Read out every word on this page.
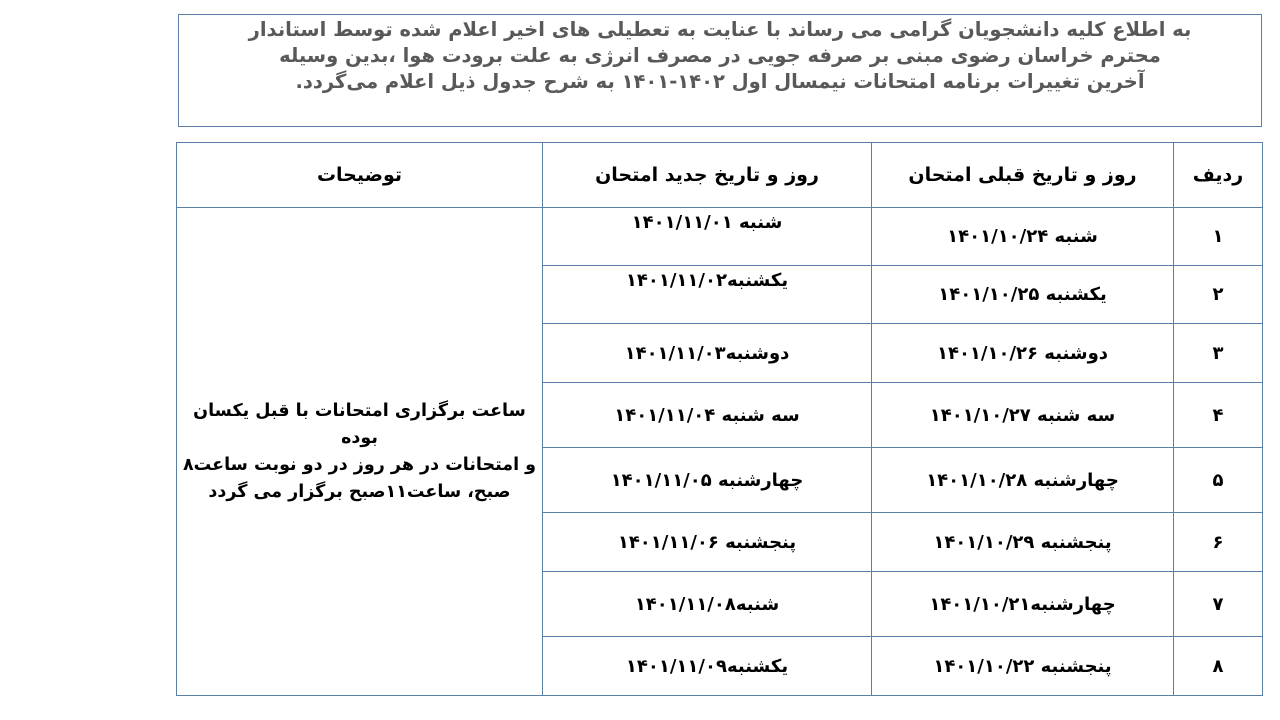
به اطلاع کلیه دانشجویان گرامی می رساند با عنایت به تعطیلی های اخیر اعلام شده توسط استاندار
محترم خراسان رضوی مبنی بر صرفه جویی در مصرف انرژی به علت برودت هوا ،بدین وسیله
آخرین تغییرات برنامه امتحانات نیمسال اول ۱۴۰۲-۱۴۰۱ به شرح جدول ذیل اعلام می‌گردد.
ردیف	روز و تاریخ قبلی امتحان	روز و تاریخ جدید امتحان	توضیحات
۱	شنبه ۱۴۰۱/۱۰/۲۴	شنبه ۱۴۰۱/۱۱/۰۱	ساعت برگزاری امتحانات با قبل یکسان بوده
و امتحانات در هر روز در دو نوبت ساعت۸
صبح، ساعت۱۱صبح برگزار می گردد

۲	یکشنبه ۱۴۰۱/۱۰/۲۵	یکشنبه۱۴۰۱/۱۱/۰۲	
۳	دوشنبه ۱۴۰۱/۱۰/۲۶	دوشنبه۱۴۰۱/۱۱/۰۳	
۴	سه شنبه ۱۴۰۱/۱۰/۲۷	سه شنبه ۱۴۰۱/۱۱/۰۴	
۵	چهارشنبه ۱۴۰۱/۱۰/۲۸	چهارشنبه ۱۴۰۱/۱۱/۰۵	
۶	پنجشنبه ۱۴۰۱/۱۰/۲۹	پنجشنبه ۱۴۰۱/۱۱/۰۶	
۷	چهارشنبه۱۴۰۱/۱۰/۲۱	شنبه۱۴۰۱/۱۱/۰۸	
۸	پنجشنبه ۱۴۰۱/۱۰/۲۲	یکشنبه۱۴۰۱/۱۱/۰۹	
